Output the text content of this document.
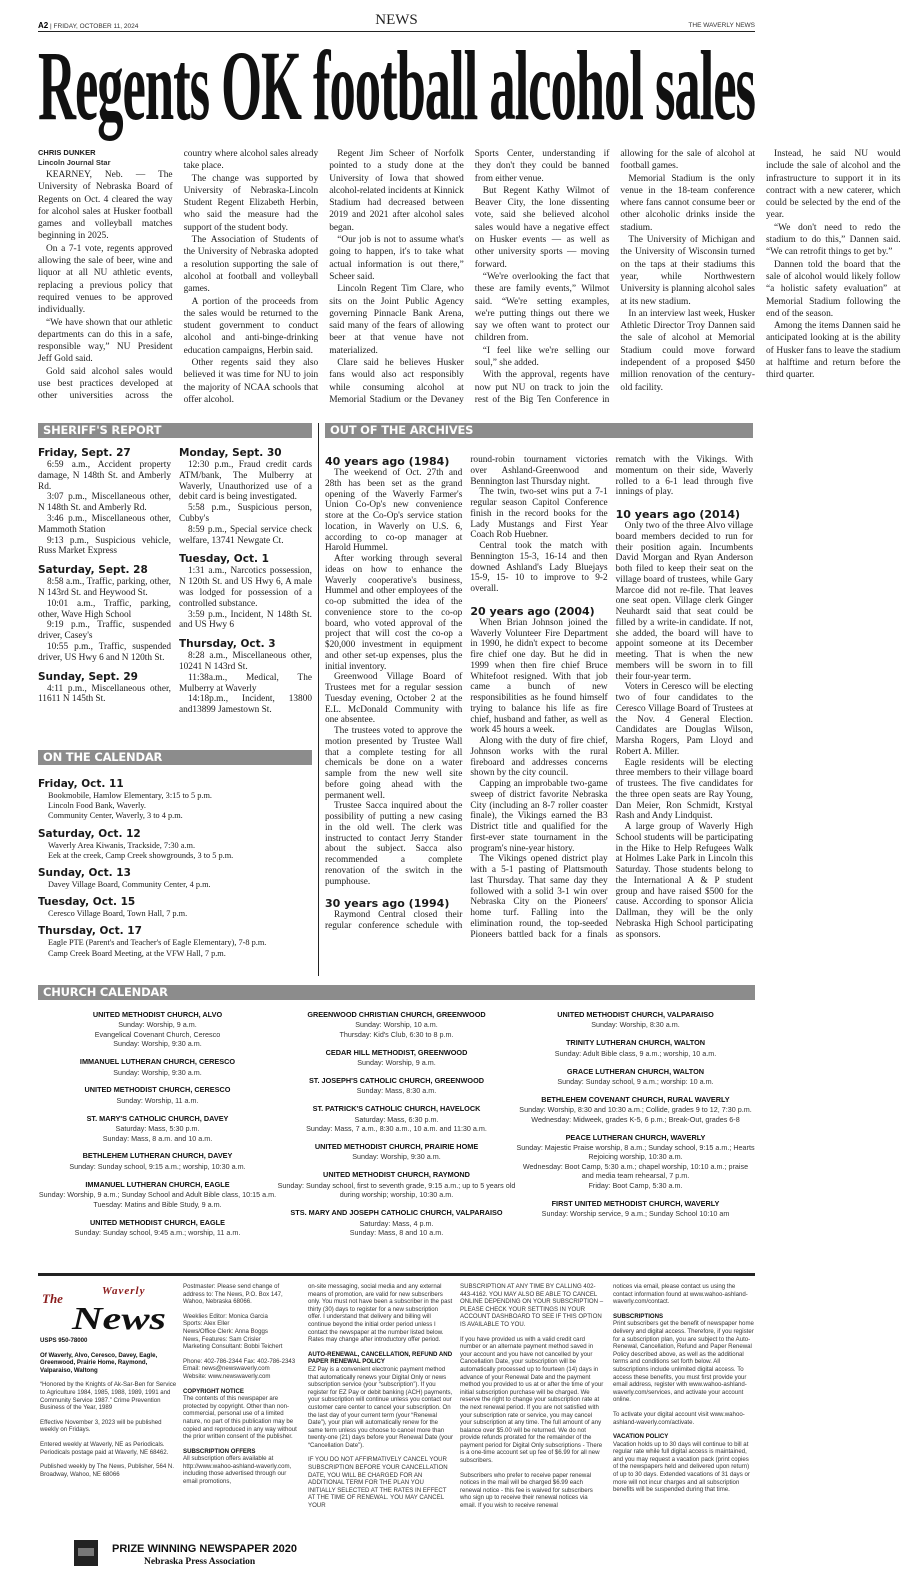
A2 | FRIDAY, OCTOBER 11, 2024	NEWS	THE WAVERLY NEWS
Regents OK football alcohol sales
CHRIS DUNKER
Lincoln Journal Star

KEARNEY, Neb. — The University of Nebraska Board of Regents on Oct. 4 cleared the way for alcohol sales at Husker football games and volleyball matches beginning in 2025.

On a 7-1 vote, regents approved allowing the sale of beer, wine and liquor at all NU athletic events, replacing a previous policy that required venues to be approved individually.

“We have shown that our athletic departments can do this in a safe, responsible way,” NU President Jeff Gold said.

Gold said alcohol sales would use best practices developed at other universities across the country where alcohol sales already take place.

The change was supported by University of Nebraska-Lincoln Student Regent Elizabeth Herbin, who said the measure had the support of the student body.

The Association of Students of the University of Nebraska adopted a resolution supporting the sale of alcohol at football and volleyball games.

A portion of the proceeds from the sales would be returned to the student government to conduct alcohol and anti-binge-drinking education campaigns, Herbin said.

Other regents said they also believed it was time for NU to join the majority of NCAA schools that offer alcohol.

Regent Jim Scheer of Norfolk pointed to a study done at the University of Iowa that showed alcohol-related incidents at Kinnick Stadium had decreased between 2019 and 2021 after alcohol sales began.

“Our job is not to assume what's going to happen, it's to take what actual information is out there,” Scheer said.

Lincoln Regent Tim Clare, who sits on the Joint Public Agency governing Pinnacle Bank Arena, said many of the fears of allowing beer at that venue have not materialized.

Clare said he believes Husker fans would also act responsibly while consuming alcohol at Memorial Stadium or the Devaney Sports Center, understanding if they don't they could be banned from either venue.

But Regent Kathy Wilmot of Beaver City, the lone dissenting vote, said she believed alcohol sales would have a negative effect on Husker events — as well as other university sports — moving forward.

“We're overlooking the fact that these are family events,” Wilmot said. “We're setting examples, we're putting things out there we say we often want to protect our children from.

“I feel like we're selling our soul,” she added.

With the approval, regents have now put NU on track to join the rest of the Big Ten Conference in allowing for the sale of alcohol at football games.

Memorial Stadium is the only venue in the 18-team conference where fans cannot consume beer or other alcoholic drinks inside the stadium.

The University of Michigan and the University of Wisconsin turned on the taps at their stadiums this year, while Northwestern University is planning alcohol sales at its new stadium.

In an interview last week, Husker Athletic Director Troy Dannen said the sale of alcohol at Memorial Stadium could move forward independent of a proposed $450 million renovation of the century-old facility.

Instead, he said NU would include the sale of alcohol and the infrastructure to support it in its contract with a new caterer, which could be selected by the end of the year.

“We don't need to redo the stadium to do this,” Dannen said. “We can retrofit things to get by.”

Dannen told the board that the sale of alcohol would likely follow “a holistic safety evaluation” at Memorial Stadium following the end of the season.

Among the items Dannen said he anticipated looking at is the ability of Husker fans to leave the stadium at halftime and return before the third quarter.

SHERIFF'S REPORT
Friday, Sept. 27

6:59 a.m., Accident property damage, N 148th St. and Amberly Rd.

3:07 p.m., Miscellaneous other, N 148th St. and Amberly Rd.

3:46 p.m., Miscellaneous other, Mammoth Station

9:13 p.m., Suspicious vehicle, Russ Market Express

Saturday, Sept. 28

8:58 a.m., Traffic, parking, other, N 143rd St. and Heywood St.

10:01 a.m., Traffic, parking, other, Wave High School

9:19 p.m., Traffic, suspended driver, Casey's

10:55 p.m., Traffic, suspended driver, US Hwy 6 and N 120th St.

Sunday, Sept. 29

4:11 p.m., Miscellaneous other, 11611 N 145th St.

Monday, Sept. 30

12:30 p.m., Fraud credit cards ATM/bank, The Mulberry at Waverly, Unauthorized use of a debit card is being investigated.

5:58 p.m., Suspicious person, Cubby's

8:59 p.m., Special service check welfare, 13741 Newgate Ct.

Tuesday, Oct. 1

1:31 a.m., Narcotics possession, N 120th St. and US Hwy 6, A male was lodged for possession of a controlled substance.

3:59 p.m., Incident, N 148th St. and US Hwy 6

Thursday, Oct. 3

8:28 a.m., Miscellaneous other, 10241 N 143rd St.

11:38a.m., Medical, The Mulberry at Waverly

14:18p.m., Incident, 13800 and13899 Jamestown St.

OUT OF THE ARCHIVES
40 years ago (1984)

The weekend of Oct. 27th and 28th has been set as the grand opening of the Waverly Farmer's Union Co-Op's new convenience store at the Co-Op's service station location, in Waverly on U.S. 6, according to co-op manager at Harold Hummel.

After working through several ideas on how to enhance the Waverly cooperative's business, Hummel and other employees of the co-op submitted the idea of the convenience store to the co-op board, who voted approval of the project that will cost the co-op a $20,000 investment in equipment and other set-up expenses, plus the initial inventory.

Greenwood Village Board of Trustees met for a regular session Tuesday evening, October 2 at the E.L. McDonald Community with one absentee.

The trustees voted to approve the motion presented by Trustee Wall that a complete testing for all chemicals be done on a water sample from the new well site before going ahead with the permanent well.

Trustee Sacca inquired about the possibility of putting a new casing in the old well. The clerk was instructed to contact Jerry Stander about the subject. Sacca also recommended a complete renovation of the switch in the pumphouse.

30 years ago (1994)

Raymond Central closed their regular conference schedule with round-robin tournament victories over Ashland-Greenwood and Bennington last Thursday night.

The twin, two-set wins put a 7-1 regular season Capitol Conference finish in the record books for the Lady Mustangs and First Year Coach Rob Huebner.

Central took the match with Bennington 15-3, 16-14 and then downed Ashland's Lady Bluejays 15-9, 15- 10 to improve to 9-2 overall.

20 years ago (2004)

When Brian Johnson joined the Waverly Volunteer Fire Department in 1990, he didn't expect to become fire chief one day. But he did in 1999 when then fire chief Bruce Whitefoot resigned. With that job came a bunch of new responsibilities as he found himself trying to balance his life as fire chief, husband and father, as well as work 45 hours a week.

Along with the duty of fire chief, Johnson works with the rural fireboard and addresses concerns shown by the city council.

Capping an improbable two-game sweep of district favorite Nebraska City (including an 8-7 roller coaster finale), the Vikings earned the B3 District title and qualified for the first-ever state tournament in the program's nine-year history.

The Vikings opened district play with a 5-1 pasting of Plattsmouth last Thursday. That same day they followed with a solid 3-1 win over Nebraska City on the Pioneers' home turf. Falling into the elimination round, the top-seeded Pioneers battled back for a finals rematch with the Vikings. With momentum on their side, Waverly rolled to a 6-1 lead through five innings of play.

10 years ago (2014)

Only two of the three Alvo village board members decided to run for their position again. Incumbents David Morgan and Ryan Anderson both filed to keep their seat on the village board of trustees, while Gary Marcoe did not re-file. That leaves one seat open. Village clerk Ginger Neuhardt said that seat could be filled by a write-in candidate. If not, she added, the board will have to appoint someone at its December meeting. That is when the new members will be sworn in to fill their four-year term.

Voters in Ceresco will be electing two of four candidates to the Ceresco Village Board of Trustees at the Nov. 4 General Election. Candidates are Douglas Wilson, Marsha Rogers, Pam Lloyd and Robert A. Miller.

Eagle residents will be electing three members to their village board of trustees. The five candidates for the three open seats are Ray Young, Dan Meier, Ron Schmidt, Krstyal Rash and Andy Lindquist.

A large group of Waverly High School students will be participating in the Hike to Help Refugees Walk at Holmes Lake Park in Lincoln this Saturday. Those students belong to the International A & P student group and have raised $500 for the cause. According to sponsor Alicia Dallman, they will be the only Nebraska High School participating as sponsors.

ON THE CALENDAR
Friday, Oct. 11
Bookmobile, Hamlow Elementary, 3:15 to 5 p.m.
Lincoln Food Bank, Waverly.
Community Center, Waverly, 3 to 4 p.m.
Saturday, Oct. 12
Waverly Area Kiwanis, Trackside, 7:30 a.m.
Eek at the creek, Camp Creek showgrounds, 3 to 5 p.m.
Sunday, Oct. 13
Davey Village Board, Community Center, 4 p.m.
Tuesday, Oct. 15
Ceresco Village Board, Town Hall, 7 p.m.
Thursday, Oct. 17
Eagle PTE (Parent's and Teacher's of Eagle Elementary), 7-8 p.m.
Camp Creek Board Meeting, at the VFW Hall, 7 p.m.
CHURCH CALENDAR
UNITED METHODIST CHURCH, ALVO
Sunday: Worship, 9 a.m.
Evangelical Covenant Church, Ceresco
Sunday: Worship, 9:30 a.m.
IMMANUEL LUTHERAN CHURCH, CERESCO
Sunday: Worship, 9:30 a.m.
UNITED METHODIST CHURCH, CERESCO
Sunday: Worship, 11 a.m.
ST. MARY'S CATHOLIC CHURCH, DAVEY
Saturday: Mass, 5:30 p.m.
Sunday: Mass, 8 a.m. and 10 a.m.
BETHLEHEM LUTHERAN CHURCH, DAVEY
Sunday: Sunday school, 9:15 a.m.; worship, 10:30 a.m.
IMMANUEL LUTHERAN CHURCH, EAGLE
Sunday: Worship, 9 a.m.; Sunday School and Adult Bible class, 10:15 a.m.
Tuesday: Matins and Bible Study, 9 a.m.
UNITED METHODIST CHURCH, EAGLE
Sunday: Sunday school, 9:45 a.m.; worship, 11 a.m.
GREENWOOD CHRISTIAN CHURCH, GREENWOOD
Sunday: Worship, 10 a.m.
Thursday: Kid's Club, 6:30 to 8 p.m.
CEDAR HILL METHODIST, GREENWOOD
Sunday: Worship, 9 a.m.
ST. JOSEPH'S CATHOLIC CHURCH, GREENWOOD
Sunday: Mass, 8:30 a.m.
ST. PATRICK'S CATHOLIC CHURCH, HAVELOCK
Saturday: Mass, 6:30 p.m.
Sunday: Mass, 7 a.m., 8:30 a.m., 10 a.m. and 11:30 a.m.
UNITED METHODIST CHURCH, PRAIRIE HOME
Sunday: Worship, 9:30 a.m.
UNITED METHODIST CHURCH, RAYMOND
Sunday: Sunday school, first to seventh grade, 9:15 a.m.; up to 5 years old during worship; worship, 10:30 a.m.
STS. MARY AND JOSEPH CATHOLIC CHURCH, VALPARAISO
Saturday: Mass, 4 p.m.
Sunday: Mass, 8 and 10 a.m.
UNITED METHODIST CHURCH, VALPARAISO
Sunday: Worship, 8:30 a.m.
TRINITY LUTHERAN CHURCH, WALTON
Sunday: Adult Bible class, 9 a.m.; worship, 10 a.m.
GRACE LUTHERAN CHURCH, WALTON
Sunday: Sunday school, 9 a.m.; worship: 10 a.m.
BETHLEHEM COVENANT CHURCH, RURAL WAVERLY
Sunday: Worship, 8:30 and 10:30 a.m.; Collide, grades 9 to 12, 7:30 p.m.
Wednesday: Midweek, grades K-5, 6 p.m.; Break-Out, grades 6-8
PEACE LUTHERAN CHURCH, WAVERLY
Sunday: Majestic Praise worship, 8 a.m.; Sunday school, 9:15 a.m.; Hearts Rejoicing worship, 10:30 a.m.
Wednesday: Boot Camp, 5:30 a.m.; chapel worship, 10:10 a.m.; praise and media team rehearsal, 7 p.m.
Friday: Boot Camp, 5:30 a.m.
FIRST UNITED METHODIST CHURCH, WAVERLY
Sunday: Worship service, 9 a.m.; Sunday School 10:10 am
The	Waverly
News
USPS 950-78000
Of Waverly, Alvo, Ceresco, Davey, Eagle, Greenwood, Prairie Home, Raymond, Valparaiso, Waltong

“Honored by the Knights of Ak-Sar-Ben for Service to Agriculture 1984, 1985, 1988, 1989, 1991 and Community Service 1987.” Crime Prevention Business of the Year, 1989

Effective November 3, 2023 will be published weekly on Fridays.

Entered weekly at Waverly, NE as Periodicals. Periodicals postage paid at Waverly, NE 68462.

Published weekly by The News, Publisher, 564 N. Broadway, Wahoo, NE 68066

Postmaster: Please send change of address to: The News, P.O. Box 147, Wahoo, Nebraska 68066.

Weeklies Editor: Monica Garcia
Sports: Alex Eller
News/Office Clerk: Anna Boggs
News, Features: Sam Crisler
Marketing Consultant: Bobbi Teichert

Phone: 402-786-2344 Fax: 402-786-2343
Email: news@newswaverly.com
Website: www.newswaverly.com

COPYRIGHT NOTICE

The contents of this newspaper are protected by copyright. Other than non-commercial, personal use of a limited nature, no part of this publication may be copied and reproduced in any way without the prior written consent of the publisher.

SUBSCRIPTION OFFERS

All subscription offers available at http://www.wahoo-ashland-waverly.com, including those advertised through our email promotions,

on-site messaging, social media and any external means of promotion, are valid for new subscribers only. You must not have been a subscriber in the past thirty (30) days to register for a new subscription offer. I understand that delivery and billing will continue beyond the initial order period unless I contact the newspaper at the number listed below. Rates may change after introductory offer period.

AUTO-RENEWAL, CANCELLATION, REFUND AND PAPER RENEWAL POLICY

EZ Pay is a convenient electronic payment method that automatically renews your Digital Only or news subscription service (your “subscription”). If you register for EZ Pay or debit banking (ACH) payments, your subscription will continue unless you contact our customer care center to cancel your subscription. On the last day of your current term (your “Renewal Date”), your plan will automatically renew for the same term unless you choose to cancel more than twenty-one (21) days before your Renewal Date (your “Cancellation Date”).

IF YOU DO NOT AFFIRMATIVELY CANCEL YOUR SUBSCRIPTION BEFORE YOUR CANCELLATION DATE, YOU WILL BE CHARGED FOR AN ADDITIONAL TERM FOR THE PLAN YOU INITIALLY SELECTED AT THE RATES IN EFFECT AT THE TIME OF RENEWAL. YOU MAY CANCEL YOUR

SUBSCRIPTION AT ANY TIME BY CALLING 402-443-4162. YOU MAY ALSO BE ABLE TO CANCEL ONLINE DEPENDING ON YOUR SUBSCRIPTION – PLEASE CHECK YOUR SETTINGS IN YOUR ACCOUNT DASHBOARD TO SEE IF THIS OPTION IS AVAILABLE TO YOU.

If you have provided us with a valid credit card number or an alternate payment method saved in your account and you have not cancelled by your Cancellation Date, your subscription will be automatically processed up to fourteen (14) days in advance of your Renewal Date and the payment method you provided to us at or after the time of your initial subscription purchase will be charged. We reserve the right to change your subscription rate at the next renewal period. If you are not satisfied with your subscription rate or service, you may cancel your subscription at any time. The full amount of any balance over $5.00 will be returned. We do not provide refunds prorated for the remainder of the payment period for Digital Only subscriptions - There is a one-time account set up fee of $6.99 for all new subscribers.

Subscribers who prefer to receive paper renewal notices in the mail will be charged $6.99 each renewal notice - this fee is waived for subscribers who sign up to receive their renewal notices via email. If you wish to receive renewal

notices via email, please contact us using the contact information found at www.wahoo-ashland-waverly.com/contact.

SUBSCRIPTIONS

Print subscribers get the benefit of newspaper home delivery and digital access. Therefore, if you register for a subscription plan, you are subject to the Auto-Renewal, Cancellation, Refund and Paper Renewal Policy described above, as well as the additional terms and conditions set forth below. All subscriptions include unlimited digital access. To access these benefits, you must first provide your email address, register with www.wahoo-ashland-waverly.com/services, and activate your account online.

To activate your digital account visit www.wahoo-ashland-waverly.com/activate.

VACATION POLICY

Vacation holds up to 30 days will continue to bill at regular rate while full digital access is maintained, and you may request a vacation pack (print copies of the newspapers held and delivered upon return) of up to 30 days. Extended vacations of 31 days or more will not incur charges and all subscription benefits will be suspended during that time.

PRIZE WINNING NEWSPAPER 2020
Nebraska Press Association
